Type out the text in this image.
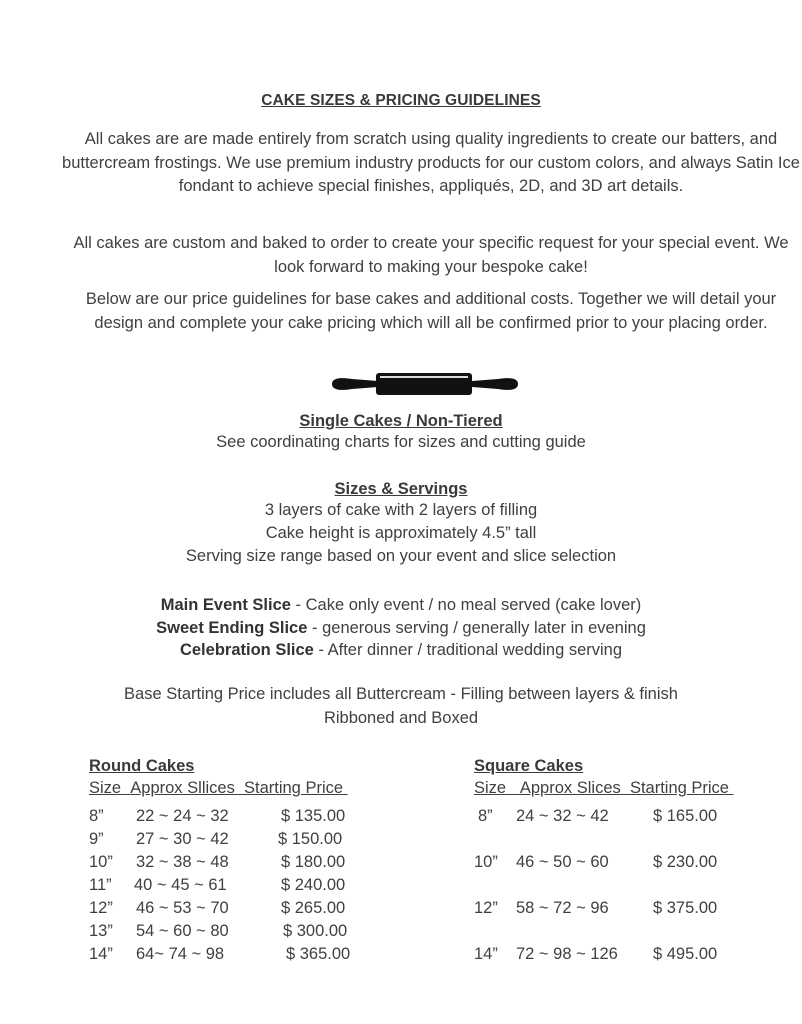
CAKE SIZES & PRICING GUIDELINES
All cakes are are made entirely from scratch using quality ingredients to create our batters, and buttercream frostings. We use premium industry products for our custom colors, and always Satin Ice fondant to achieve special finishes, appliqués, 2D, and 3D art details.
All cakes are custom and baked to order to create your specific request for your special event. We look forward to making your bespoke cake!
Below are our price guidelines for base cakes and additional costs. Together we will detail your design and complete your cake pricing which will all be confirmed prior to your placing order.
Single Cakes / Non-Tiered
See coordinating charts for sizes and cutting guide
Sizes & Servings
3 layers of cake with 2 layers of filling
Cake height is approximately 4.5” tall
Serving size range based on your event and slice selection
Main Event Slice - Cake only event / no meal served (cake lover)
Sweet Ending Slice - generous serving / generally later in evening
Celebration Slice - After dinner / traditional wedding serving
Base Starting Price includes all Buttercream - Filling between layers & finish
Ribboned and Boxed
Round Cakes
Size Approx Sllices Starting Price
8” 22 ~ 24 ~ 32	$ 135.00
9” 27 ~ 30 ~ 42	$ 150.00
10” 32 ~ 38 ~ 48	$ 180.00
11” 40 ~ 45 ~ 61	$ 240.00
12” 46 ~ 53 ~ 70	$ 265.00
13” 54 ~ 60 ~ 80	$ 300.00
14” 64~ 74 ~ 98	$ 365.00
Square Cakes
Size Approx Slices Starting Price
8” 24 ~ 32 ~ 42	$ 165.00
10” 46 ~ 50 ~ 60	$ 230.00
12” 58 ~ 72 ~ 96	$ 375.00
14” 72 ~ 98 ~ 126 $ 495.00
